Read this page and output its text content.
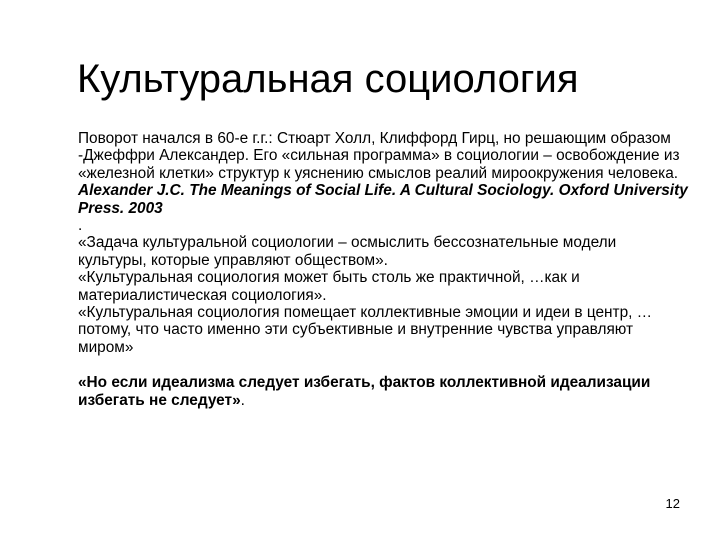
Культуральная социология

Поворот начался в 60-е г.г.: Стюарт Холл, Клиффорд Гирц, но решающим образом -Джеффри Александер. Его «сильная программа» в социологии – освобождение из «железной клетки» структур к уяснению смыслов реалий мироокружения человека.

Alexander J.C. The Meanings of Social Life. A Cultural Sociology. Oxford University Press. 2003

.

«Задача культуральной социологии – осмыслить бессознательные модели культуры, которые управляют обществом».

«Культуральная социология может быть столь же практичной, …как и материалистическая социология».

«Культуральная социология помещает коллективные эмоции и идеи в центр, … потому, что часто именно эти субъективные и внутренние чувства управляют миром»

«Но если идеализма следует избегать, фактов коллективной идеализации избегать не следует».

12
